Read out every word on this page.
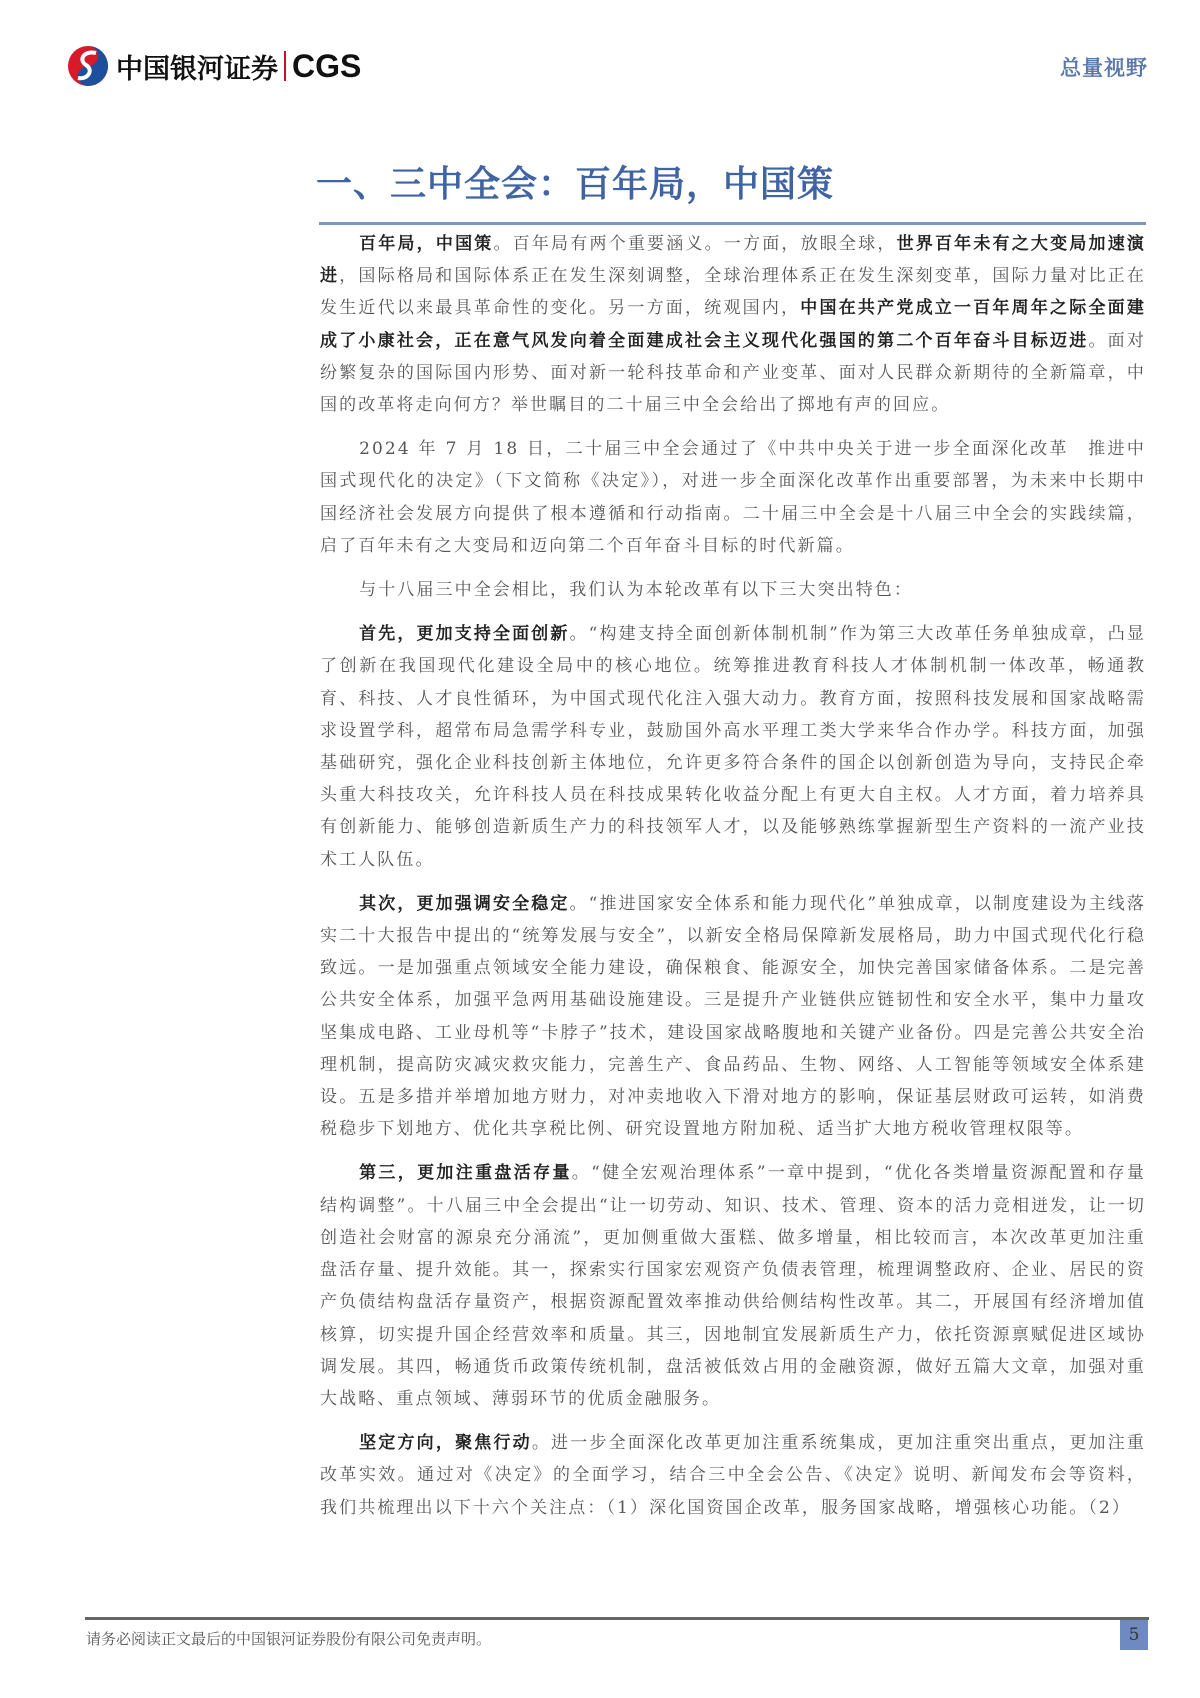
中国银河证券 CGS	总量视野
一、三中全会：百年局，中国策

百年局，中国策。百年局有两个重要涵义。一方面，放眼全球，世界百年未有之大变局加速演进，国际格局和国际体系正在发生深刻调整，全球治理体系正在发生深刻变革，国际力量对比正在发生近代以来最具革命性的变化。另一方面，统观国内，中国在共产党成立一百年周年之际全面建成了小康社会，正在意气风发向着全面建成社会主义现代化强国的第二个百年奋斗目标迈进。面对纷繁复杂的国际国内形势、面对新一轮科技革命和产业变革、面对人民群众新期待的全新篇章，中国的改革将走向何方？举世瞩目的二十届三中全会给出了掷地有声的回应。

2024 年 7 月 18 日，二十届三中全会通过了《中共中央关于进一步全面深化改革　推进中国式现代化的决定》（下文简称《决定》），对进一步全面深化改革作出重要部署，为未来中长期中国经济社会发展方向提供了根本遵循和行动指南。二十届三中全会是十八届三中全会的实践续篇，启了百年未有之大变局和迈向第二个百年奋斗目标的时代新篇。

与十八届三中全会相比，我们认为本轮改革有以下三大突出特色：

首先，更加支持全面创新。“构建支持全面创新体制机制”作为第三大改革任务单独成章，凸显了创新在我国现代化建设全局中的核心地位。统筹推进教育科技人才体制机制一体改革，畅通教育、科技、人才良性循环，为中国式现代化注入强大动力。教育方面，按照科技发展和国家战略需求设置学科，超常布局急需学科专业，鼓励国外高水平理工类大学来华合作办学。科技方面，加强基础研究，强化企业科技创新主体地位，允许更多符合条件的国企以创新创造为导向，支持民企牵头重大科技攻关，允许科技人员在科技成果转化收益分配上有更大自主权。人才方面，着力培养具有创新能力、能够创造新质生产力的科技领军人才，以及能够熟练掌握新型生产资料的一流产业技术工人队伍。

其次，更加强调安全稳定。“推进国家安全体系和能力现代化”单独成章，以制度建设为主线落实二十大报告中提出的“统筹发展与安全”，以新安全格局保障新发展格局，助力中国式现代化行稳致远。一是加强重点领域安全能力建设，确保粮食、能源安全，加快完善国家储备体系。二是完善公共安全体系，加强平急两用基础设施建设。三是提升产业链供应链韧性和安全水平，集中力量攻坚集成电路、工业母机等“卡脖子”技术，建设国家战略腹地和关键产业备份。四是完善公共安全治理机制，提高防灾减灾救灾能力，完善生产、食品药品、生物、网络、人工智能等领域安全体系建设。五是多措并举增加地方财力，对冲卖地收入下滑对地方的影响，保证基层财政可运转，如消费税稳步下划地方、优化共享税比例、研究设置地方附加税、适当扩大地方税收管理权限等。

第三，更加注重盘活存量。“健全宏观治理体系”一章中提到，“优化各类增量资源配置和存量结构调整”。十八届三中全会提出“让一切劳动、知识、技术、管理、资本的活力竞相迸发，让一切创造社会财富的源泉充分涌流”，更加侧重做大蛋糕、做多增量，相比较而言，本次改革更加注重盘活存量、提升效能。其一，探索实行国家宏观资产负债表管理，梳理调整政府、企业、居民的资产负债结构盘活存量资产，根据资源配置效率推动供给侧结构性改革。其二，开展国有经济增加值核算，切实提升国企经营效率和质量。其三，因地制宜发展新质生产力，依托资源禀赋促进区域协调发展。其四，畅通货币政策传统机制，盘活被低效占用的金融资源，做好五篇大文章，加强对重大战略、重点领域、薄弱环节的优质金融服务。

坚定方向，聚焦行动。进一步全面深化改革更加注重系统集成，更加注重突出重点，更加注重改革实效。通过对《决定》的全面学习，结合三中全会公告、《决定》说明、新闻发布会等资料，我们共梳理出以下十六个关注点：（1）深化国资国企改革，服务国家战略，增强核心功能。（2）

请务必阅读正文最后的中国银河证券股份有限公司免责声明。	5
